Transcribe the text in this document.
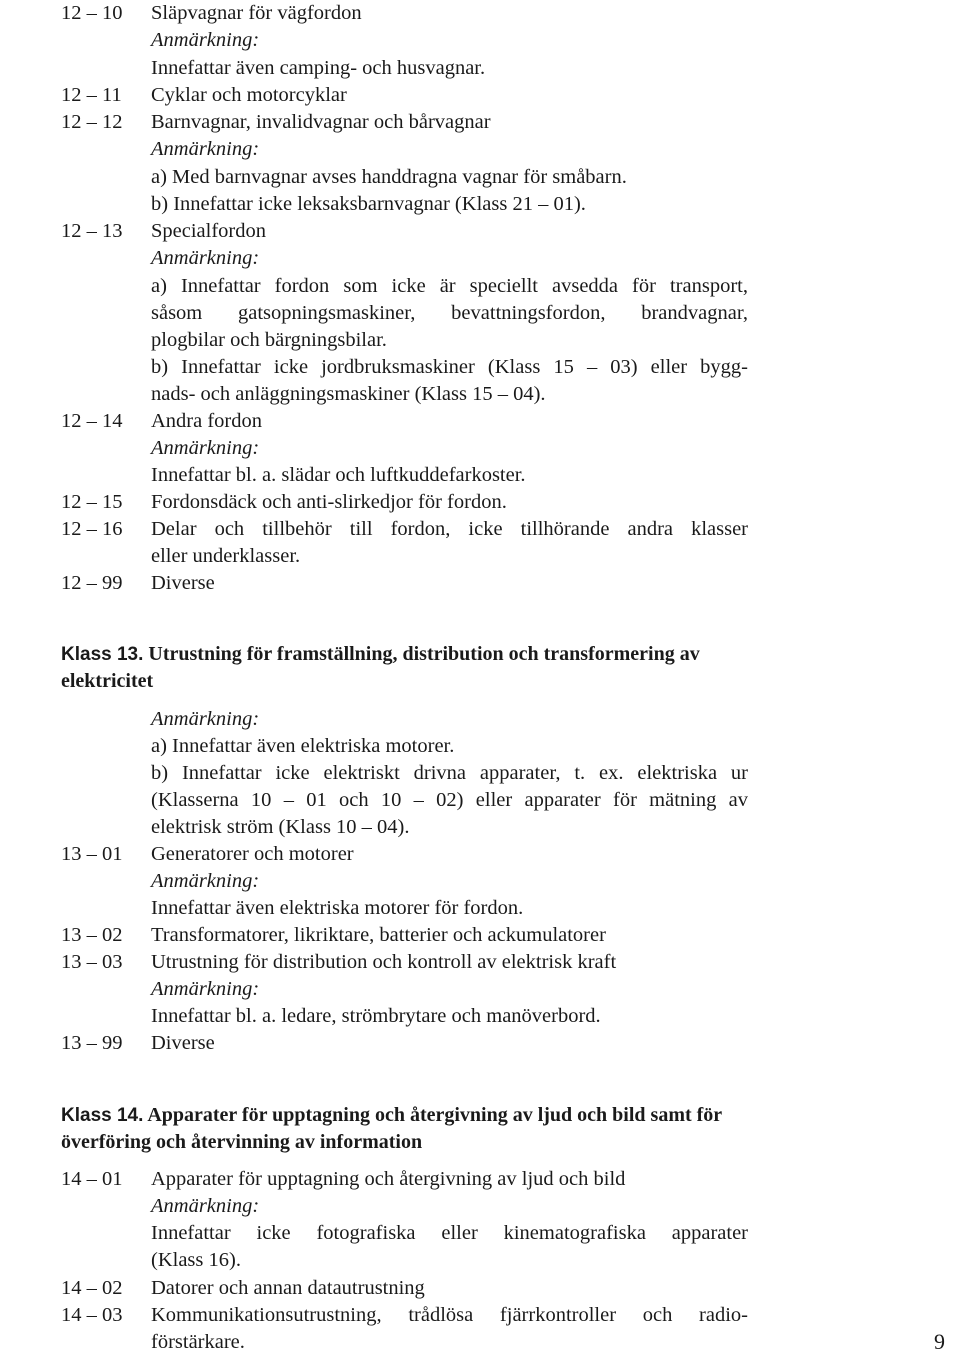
12 – 10	Släpvagnar för vägfordon
Anmärkning:
Innefattar även camping- och husvagnar.
12 – 11	Cyklar och motorcyklar
12 – 12	Barnvagnar, invalidvagnar och bårvagnar
Anmärkning:
a) Med barnvagnar avses handdragna vagnar för småbarn.
b) Innefattar icke leksaksbarnvagnar (Klass 21 – 01).
12 – 13	Specialfordon
Anmärkning:
a) Innefattar fordon som icke är speciellt avsedda för transport,
såsom gatsopningsmaskiner, bevattningsfordon, brandvagnar,
plogbilar och bärgningsbilar.
b) Innefattar icke jordbruksmaskiner (Klass 15 – 03) eller bygg-
nads- och anläggningsmaskiner (Klass 15 – 04).
12 – 14	Andra fordon
Anmärkning:
Innefattar bl. a. slädar och luftkuddefarkoster.
12 – 15	Fordonsdäck och anti-slirkedjor för fordon.
12 – 16	Delar och tillbehör till fordon, icke tillhörande andra klasser
eller underklasser.
12 – 99	Diverse
Klass 13. Utrustning för framställning, distribution och transformering av
elektricitet
Anmärkning:
a) Innefattar även elektriska motorer.
b) Innefattar icke elektriskt drivna apparater, t. ex. elektriska ur
(Klasserna 10 – 01 och 10 – 02) eller apparater för mätning av
elektrisk ström (Klass 10 – 04).
13 – 01	Generatorer och motorer
Anmärkning:
Innefattar även elektriska motorer för fordon.
13 – 02	Transformatorer, likriktare, batterier och ackumulatorer
13 – 03	Utrustning för distribution och kontroll av elektrisk kraft
Anmärkning:
Innefattar bl. a. ledare, strömbrytare och manöverbord.
13 – 99	Diverse
Klass 14. Apparater för upptagning och återgivning av ljud och bild samt för
överföring och återvinning av information
14 – 01	Apparater för upptagning och återgivning av ljud och bild
Anmärkning:
Innefattar icke fotografiska eller kinematografiska apparater
(Klass 16).
14 – 02	Datorer och annan datautrustning
14 – 03	Kommunikationsutrustning, trådlösa fjärrkontroller och radio-
förstärkare.	9
